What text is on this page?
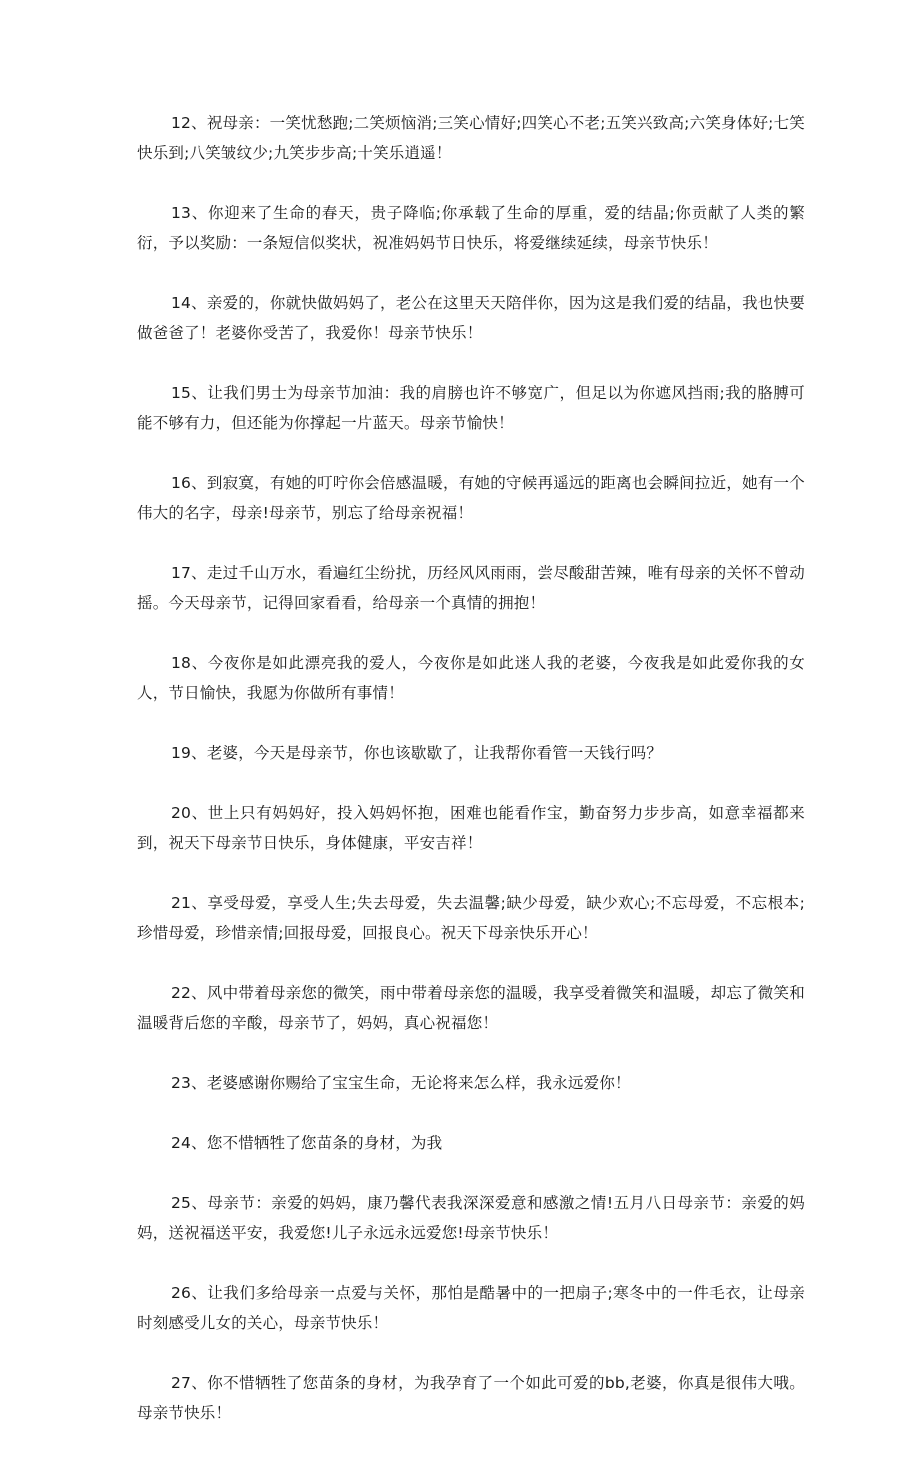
12、祝母亲：一笑忧愁跑;二笑烦恼消;三笑心情好;四笑心不老;五笑兴致高;六笑身体好;七笑快乐到;八笑皱纹少;九笑步步高;十笑乐逍遥！

13、你迎来了生命的春天，贵子降临;你承载了生命的厚重，爱的结晶;你贡献了人类的繁衍，予以奖励：一条短信似奖状，祝准妈妈节日快乐，将爱继续延续，母亲节快乐！

14、亲爱的，你就快做妈妈了，老公在这里天天陪伴你，因为这是我们爱的结晶，我也快要做爸爸了！老婆你受苦了，我爱你！母亲节快乐！

15、让我们男士为母亲节加油：我的肩膀也许不够宽广，但足以为你遮风挡雨;我的胳膊可能不够有力，但还能为你撑起一片蓝天。母亲节愉快！

16、到寂寞，有她的叮咛你会倍感温暖，有她的守候再遥远的距离也会瞬间拉近，她有一个伟大的名字，母亲!母亲节，别忘了给母亲祝福！

17、走过千山万水，看遍红尘纷扰，历经风风雨雨，尝尽酸甜苦辣，唯有母亲的关怀不曾动摇。今天母亲节，记得回家看看，给母亲一个真情的拥抱！

18、今夜你是如此漂亮我的爱人，今夜你是如此迷人我的老婆，今夜我是如此爱你我的女人，节日愉快，我愿为你做所有事情！

19、老婆，今天是母亲节，你也该歇歇了，让我帮你看管一天钱行吗？

20、世上只有妈妈好，投入妈妈怀抱，困难也能看作宝，勤奋努力步步高，如意幸福都来到，祝天下母亲节日快乐，身体健康，平安吉祥！

21、享受母爱，享受人生;失去母爱，失去温馨;缺少母爱，缺少欢心;不忘母爱，不忘根本;珍惜母爱，珍惜亲情;回报母爱，回报良心。祝天下母亲快乐开心！

22、风中带着母亲您的微笑，雨中带着母亲您的温暖，我享受着微笑和温暖，却忘了微笑和温暖背后您的辛酸，母亲节了，妈妈，真心祝福您！

23、老婆感谢你赐给了宝宝生命，无论将来怎么样，我永远爱你！

24、您不惜牺牲了您苗条的身材，为我

25、母亲节：亲爱的妈妈，康乃馨代表我深深爱意和感激之情!五月八日母亲节：亲爱的妈妈，送祝福送平安，我爱您!儿子永远永远爱您!母亲节快乐！

26、让我们多给母亲一点爱与关怀，那怕是酷暑中的一把扇子;寒冬中的一件毛衣，让母亲时刻感受儿女的关心，母亲节快乐！

27、你不惜牺牲了您苗条的身材，为我孕育了一个如此可爱的bb,老婆，你真是很伟大哦。母亲节快乐！
